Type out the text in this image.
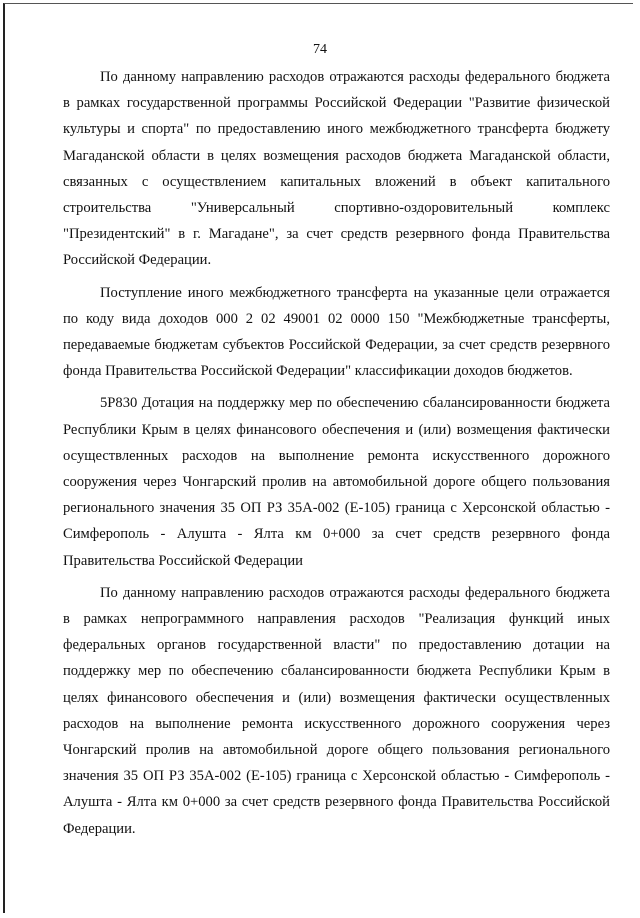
74

По данному направлению расходов отражаются расходы федерального бюджета в рамках государственной программы Российской Федерации "Развитие физической культуры и спорта" по предоставлению иного межбюджетного трансферта бюджету Магаданской области в целях возмещения расходов бюджета Магаданской области, связанных с осуществлением капитальных вложений в объект капитального строительства "Универсальный спортивно-оздоровительный комплекс "Президентский" в г. Магадане", за счет средств резервного фонда Правительства Российской Федерации.

Поступление иного межбюджетного трансферта на указанные цели отражается по коду вида доходов 000 2 02 49001 02 0000 150 "Межбюджетные трансферты, передаваемые бюджетам субъектов Российской Федерации, за счет средств резервного фонда Правительства Российской Федерации" классификации доходов бюджетов.

5Р830 Дотация на поддержку мер по обеспечению сбалансированности бюджета Республики Крым в целях финансового обеспечения и (или) возмещения фактически осуществленных расходов на выполнение ремонта искусственного дорожного сооружения через Чонгарский пролив на автомобильной дороге общего пользования регионального значения 35 ОП РЗ 35А-002 (Е-105) граница с Херсонской областью - Симферополь - Алушта - Ялта км 0+000 за счет средств резервного фонда Правительства Российской Федерации

По данному направлению расходов отражаются расходы федерального бюджета в рамках непрограммного направления расходов "Реализация функций иных федеральных органов государственной власти" по предоставлению дотации на поддержку мер по обеспечению сбалансированности бюджета Республики Крым в целях финансового обеспечения и (или) возмещения фактически осуществленных расходов на выполнение ремонта искусственного дорожного сооружения через Чонгарский пролив на автомобильной дороге общего пользования регионального значения 35 ОП РЗ 35А-002 (Е-105) граница с Херсонской областью - Симферополь - Алушта - Ялта км 0+000 за счет средств резервного фонда Правительства Российской Федерации.
